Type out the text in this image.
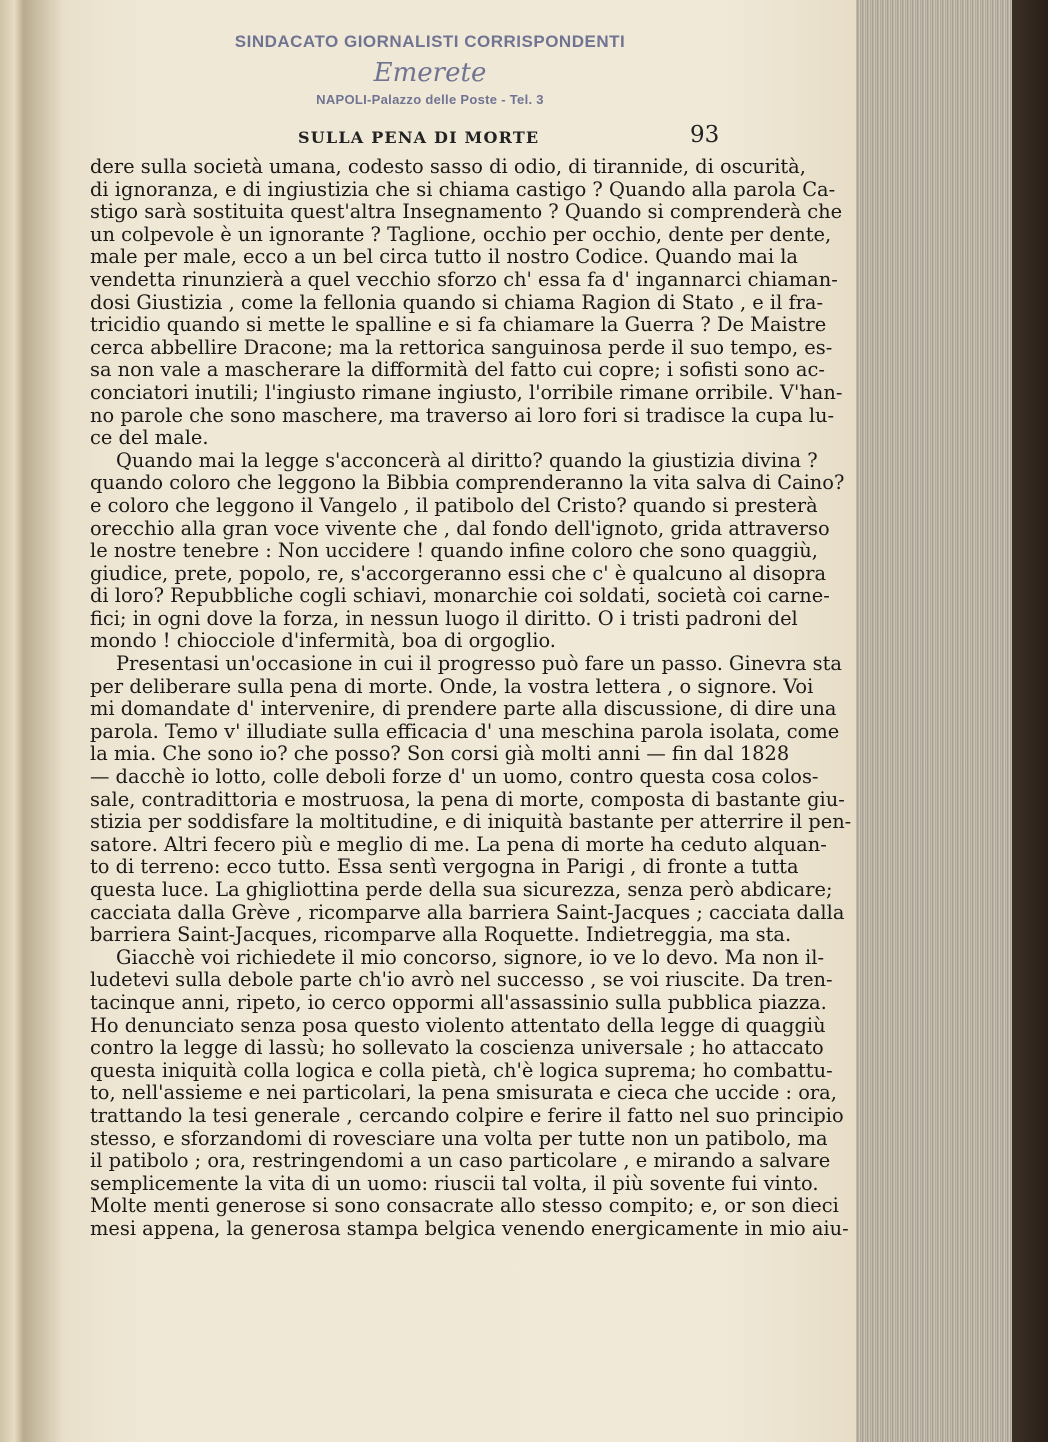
SINDACATO GIORNALISTI CORRISPONDENTI
Emerete
NAPOLI-Palazzo delle Poste - Tel. 3
SULLA PENA DI MORTE	93
dere sulla società umana, codesto sasso di odio, di tirannide, di oscurità,
di ignoranza, e di ingiustizia che si chiama castigo ? Quando alla parola Ca-
stigo sarà sostituita quest'altra Insegnamento ? Quando si comprenderà che
un colpevole è un ignorante ? Taglione, occhio per occhio, dente per dente,
male per male, ecco a un bel circa tutto il nostro Codice. Quando mai la
vendetta rinunzierà a quel vecchio sforzo ch' essa fa d' ingannarci chiaman-
dosi Giustizia , come la fellonia quando si chiama Ragion di Stato , e il fra-
tricidio quando si mette le spalline e si fa chiamare la Guerra ? De Maistre
cerca abbellire Dracone; ma la rettorica sanguinosa perde il suo tempo, es-
sa non vale a mascherare la difformità del fatto cui copre; i sofisti sono ac-
conciatori inutili; l'ingiusto rimane ingiusto, l'orribile rimane orribile. V'han-
no parole che sono maschere, ma traverso ai loro fori si tradisce la cupa lu-
ce del male.
Quando mai la legge s'acconcerà al diritto? quando la giustizia divina ?
quando coloro che leggono la Bibbia comprenderanno la vita salva di Caino?
e coloro che leggono il Vangelo , il patibolo del Cristo? quando si presterà
orecchio alla gran voce vivente che , dal fondo dell'ignoto, grida attraverso
le nostre tenebre : Non uccidere ! quando infine coloro che sono quaggiù,
giudice, prete, popolo, re, s'accorgeranno essi che c' è qualcuno al disopra
di loro? Repubbliche cogli schiavi, monarchie coi soldati, società coi carne-
fici; in ogni dove la forza, in nessun luogo il diritto. O i tristi padroni del
mondo ! chiocciole d'infermità, boa di orgoglio.
Presentasi un'occasione in cui il progresso può fare un passo. Ginevra sta
per deliberare sulla pena di morte. Onde, la vostra lettera , o signore. Voi
mi domandate d' intervenire, di prendere parte alla discussione, di dire una
parola. Temo v' illudiate sulla efficacia d' una meschina parola isolata, come
la mia. Che sono io? che posso? Son corsi già molti anni — fin dal 1828
— dacchè io lotto, colle deboli forze d' un uomo, contro questa cosa colos-
sale, contradittoria e mostruosa, la pena di morte, composta di bastante giu-
stizia per soddisfare la moltitudine, e di iniquità bastante per atterrire il pen-
satore. Altri fecero più e meglio di me. La pena di morte ha ceduto alquan-
to di terreno: ecco tutto. Essa sentì vergogna in Parigi , di fronte a tutta
questa luce. La ghigliottina perde della sua sicurezza, senza però abdicare;
cacciata dalla Grève , ricomparve alla barriera Saint-Jacques ; cacciata dalla
barriera Saint-Jacques, ricomparve alla Roquette. Indietreggia, ma sta.
Giacchè voi richiedete il mio concorso, signore, io ve lo devo. Ma non il-
ludetevi sulla debole parte ch'io avrò nel successo , se voi riuscite. Da tren-
tacinque anni, ripeto, io cerco oppormi all'assassinio sulla pubblica piazza.
Ho denunciato senza posa questo violento attentato della legge di quaggiù
contro la legge di lassù; ho sollevato la coscienza universale ; ho attaccato
questa iniquità colla logica e colla pietà, ch'è logica suprema; ho combattu-
to, nell'assieme e nei particolari, la pena smisurata e cieca che uccide : ora,
trattando la tesi generale , cercando colpire e ferire il fatto nel suo principio
stesso, e sforzandomi di rovesciare una volta per tutte non un patibolo, ma
il patibolo ; ora, restringendomi a un caso particolare , e mirando a salvare
semplicemente la vita di un uomo: riuscii tal volta, il più sovente fui vinto.
Molte menti generose si sono consacrate allo stesso compito; e, or son dieci
mesi appena, la generosa stampa belgica venendo energicamente in mio aiu-
